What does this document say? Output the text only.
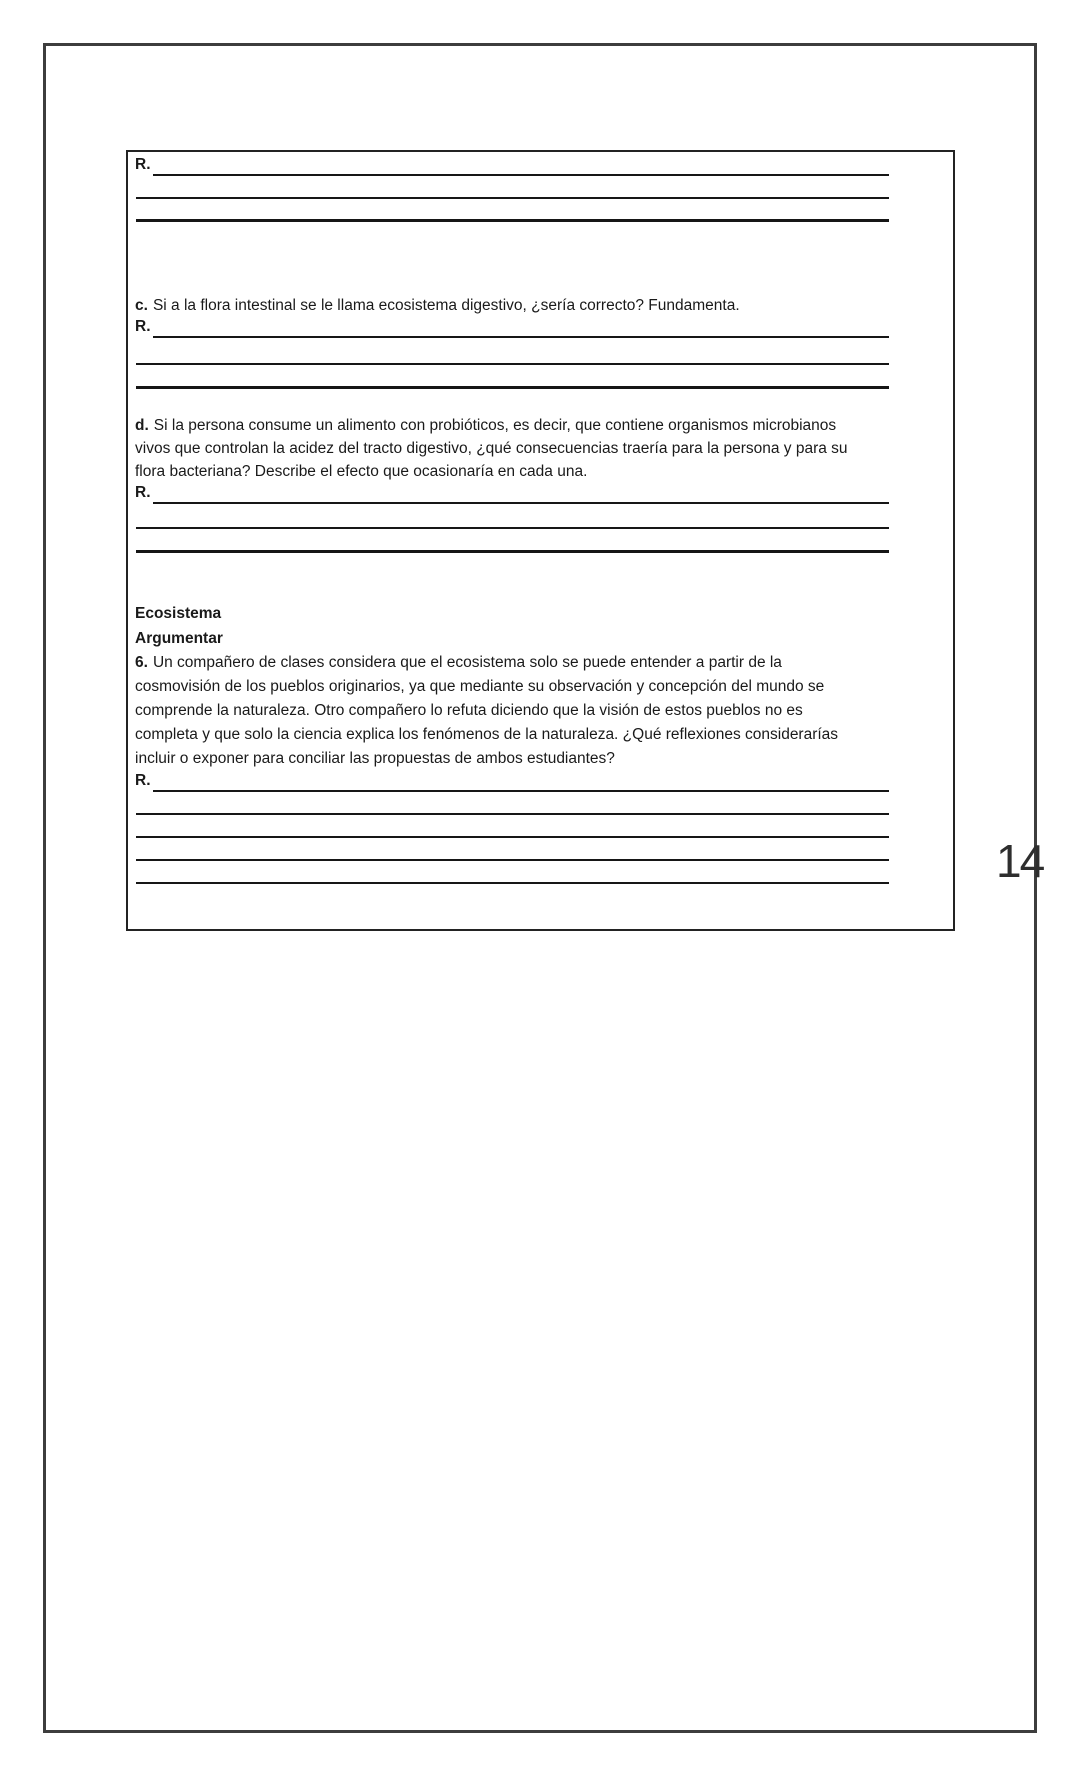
R.
c. Si a la flora intestinal se le llama ecosistema digestivo, ¿sería correcto? Fundamenta.
R.
d. Si la persona consume un alimento con probióticos, es decir, que contiene organismos microbianos
vivos que controlan la acidez del tracto digestivo, ¿qué consecuencias traería para la persona y para su
flora bacteriana? Describe el efecto que ocasionaría en cada una.
R.
Ecosistema
Argumentar
6. Un compañero de clases considera que el ecosistema solo se puede entender a partir de la
cosmovisión de los pueblos originarios, ya que mediante su observación y concepción del mundo se
comprende la naturaleza. Otro compañero lo refuta diciendo que la visión de estos pueblos no es
completa y que solo la ciencia explica los fenómenos de la naturaleza. ¿Qué reflexiones considerarías
incluir o exponer para conciliar las propuestas de ambos estudiantes?
R.
14
